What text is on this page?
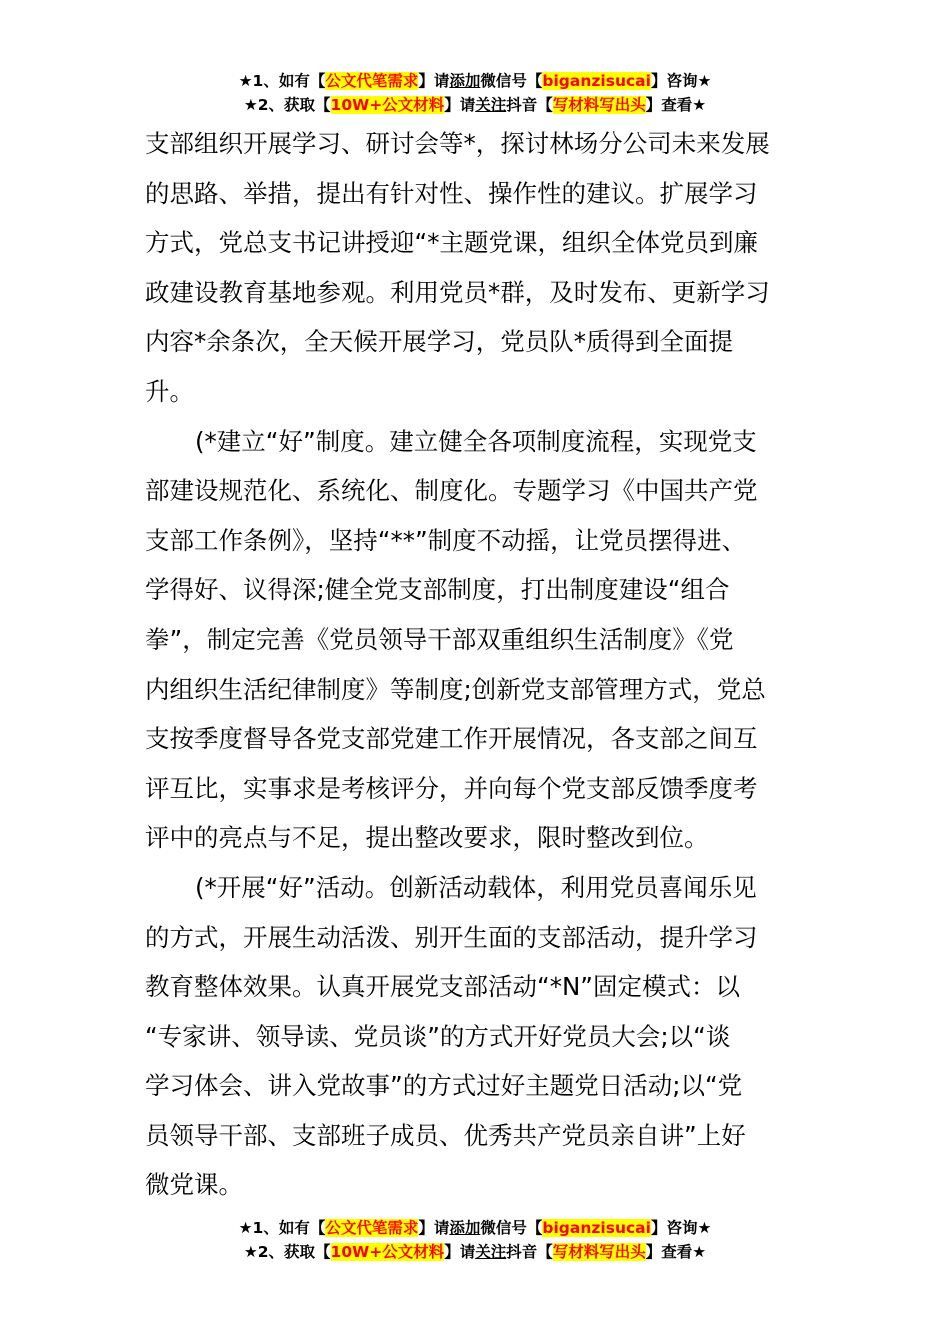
★1、如有【公文代笔需求】请添加微信号【biganzisucai】咨询★
★2、获取【10W+公文材料】请关注抖音【写材料写出头】查看★
支部组织开展学习、研讨会等*，探讨林场分公司未来发展
的思路、举措，提出有针对性、操作性的建议。扩展学习
方式，党总支书记讲授迎“*主题党课，组织全体党员到廉
政建设教育基地参观。利用党员*群，及时发布、更新学习
内容*余条次，全天候开展学习，党员队*质得到全面提
升。
(*建立“好”制度。建立健全各项制度流程，实现党支
部建设规范化、系统化、制度化。专题学习《中国共产党
支部工作条例》，坚持“**”制度不动摇，让党员摆得进、
学得好、议得深;健全党支部制度，打出制度建设“组合
拳”，制定完善《党员领导干部双重组织生活制度》《党
内组织生活纪律制度》等制度;创新党支部管理方式，党总
支按季度督导各党支部党建工作开展情况，各支部之间互
评互比，实事求是考核评分，并向每个党支部反馈季度考
评中的亮点与不足，提出整改要求，限时整改到位。
(*开展“好”活动。创新活动载体，利用党员喜闻乐见
的方式，开展生动活泼、别开生面的支部活动，提升学习
教育整体效果。认真开展党支部活动“*N”固定模式：以
“专家讲、领导读、党员谈”的方式开好党员大会;以“谈
学习体会、讲入党故事”的方式过好主题党日活动;以“党
员领导干部、支部班子成员、优秀共产党员亲自讲”上好
微党课。
★1、如有【公文代笔需求】请添加微信号【biganzisucai】咨询★
★2、获取【10W+公文材料】请关注抖音【写材料写出头】查看★
